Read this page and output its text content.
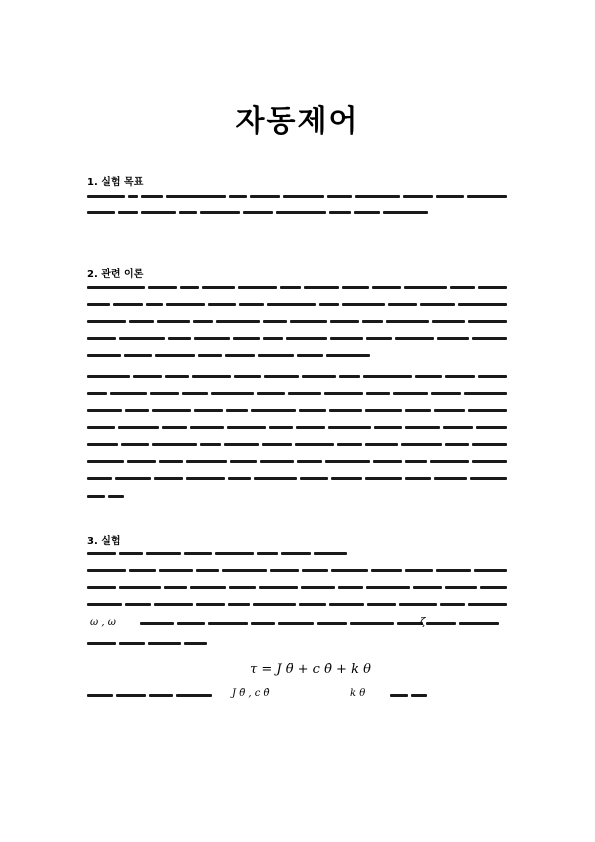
자동제어
1. 실험 목표
2. 관련 이론
3. 실험
ω , ω	ζ
τ = J θ̈ + c θ̇ + k θ
J θ̈ , c θ̇	k θ
